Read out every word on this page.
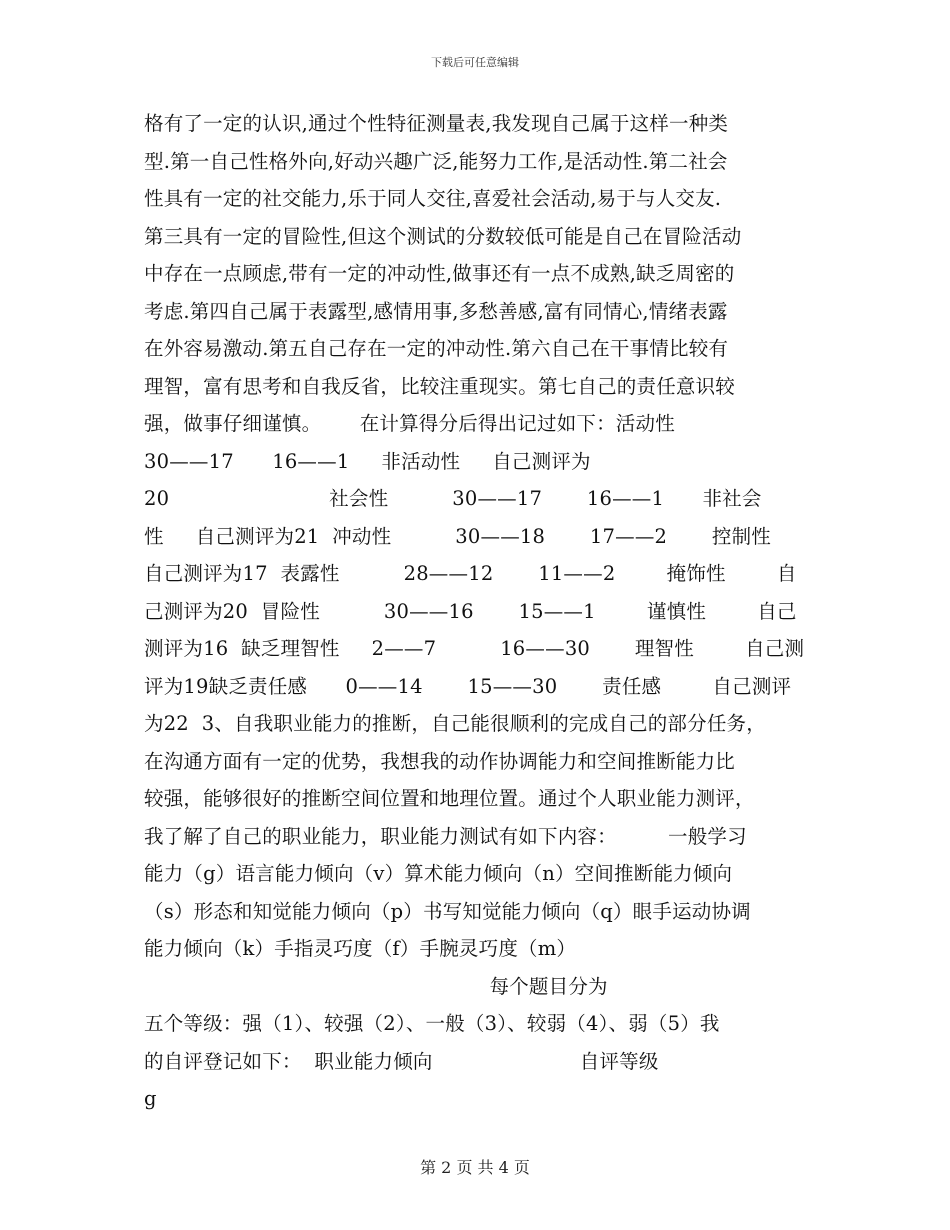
下载后可任意编辑
格有了一定的认识,通过个性特征测量表,我发现自己属于这样一种类
型.第一自己性格外向,好动兴趣广泛,能努力工作,是活动性.第二社会
性具有一定的社交能力,乐于同人交往,喜爱社会活动,易于与人交友.
第三具有一定的冒险性,但这个测试的分数较低可能是自己在冒险活动
中存在一点顾虑,带有一定的冲动性,做事还有一点不成熟,缺乏周密的
考虑.第四自己属于表露型,感情用事,多愁善感,富有同情心,情绪表露
在外容易激动.第五自己存在一定的冲动性.第六自己在干事情比较有
理智，富有思考和自我反省，比较注重现实。第七自己的责任意识较
强，做事仔细谨慎。      在计算得分后得出记过如下：活动性
30——17      16——1     非活动性     自己测评为
20                         社会性          30——17       16——1      非社会
性     自己测评为21  冲动性          30——18       17——2       控制性
自己测评为17  表露性          28——12       11——2        掩饰性        自
己测评为20  冒险性          30——16       15——1        谨慎性        自己
测评为16  缺乏理智性     2——7          16——30       理智性        自己测
评为19缺乏责任感      0——14       15——30       责任感        自己测评
为22  3、自我职业能力的推断，自己能很顺利的完成自己的部分任务，
在沟通方面有一定的优势，我想我的动作协调能力和空间推断能力比
较强，能够很好的推断空间位置和地理位置。通过个人职业能力测评，
我了解了自己的职业能力，职业能力测试有如下内容：        一般学习
能力（g）语言能力倾向（v）算术能力倾向（n）空间推断能力倾向
（s）形态和知觉能力倾向（p）书写知觉能力倾向（q）眼手运动协调
能力倾向（k）手指灵巧度（f）手腕灵巧度（m）
每个题目分为
五个等级：强（1）、较强（2）、一般（3）、较弱（4）、弱（5）我
的自评登记如下：  职业能力倾向                       自评等级
g
第 2 页 共 4 页
